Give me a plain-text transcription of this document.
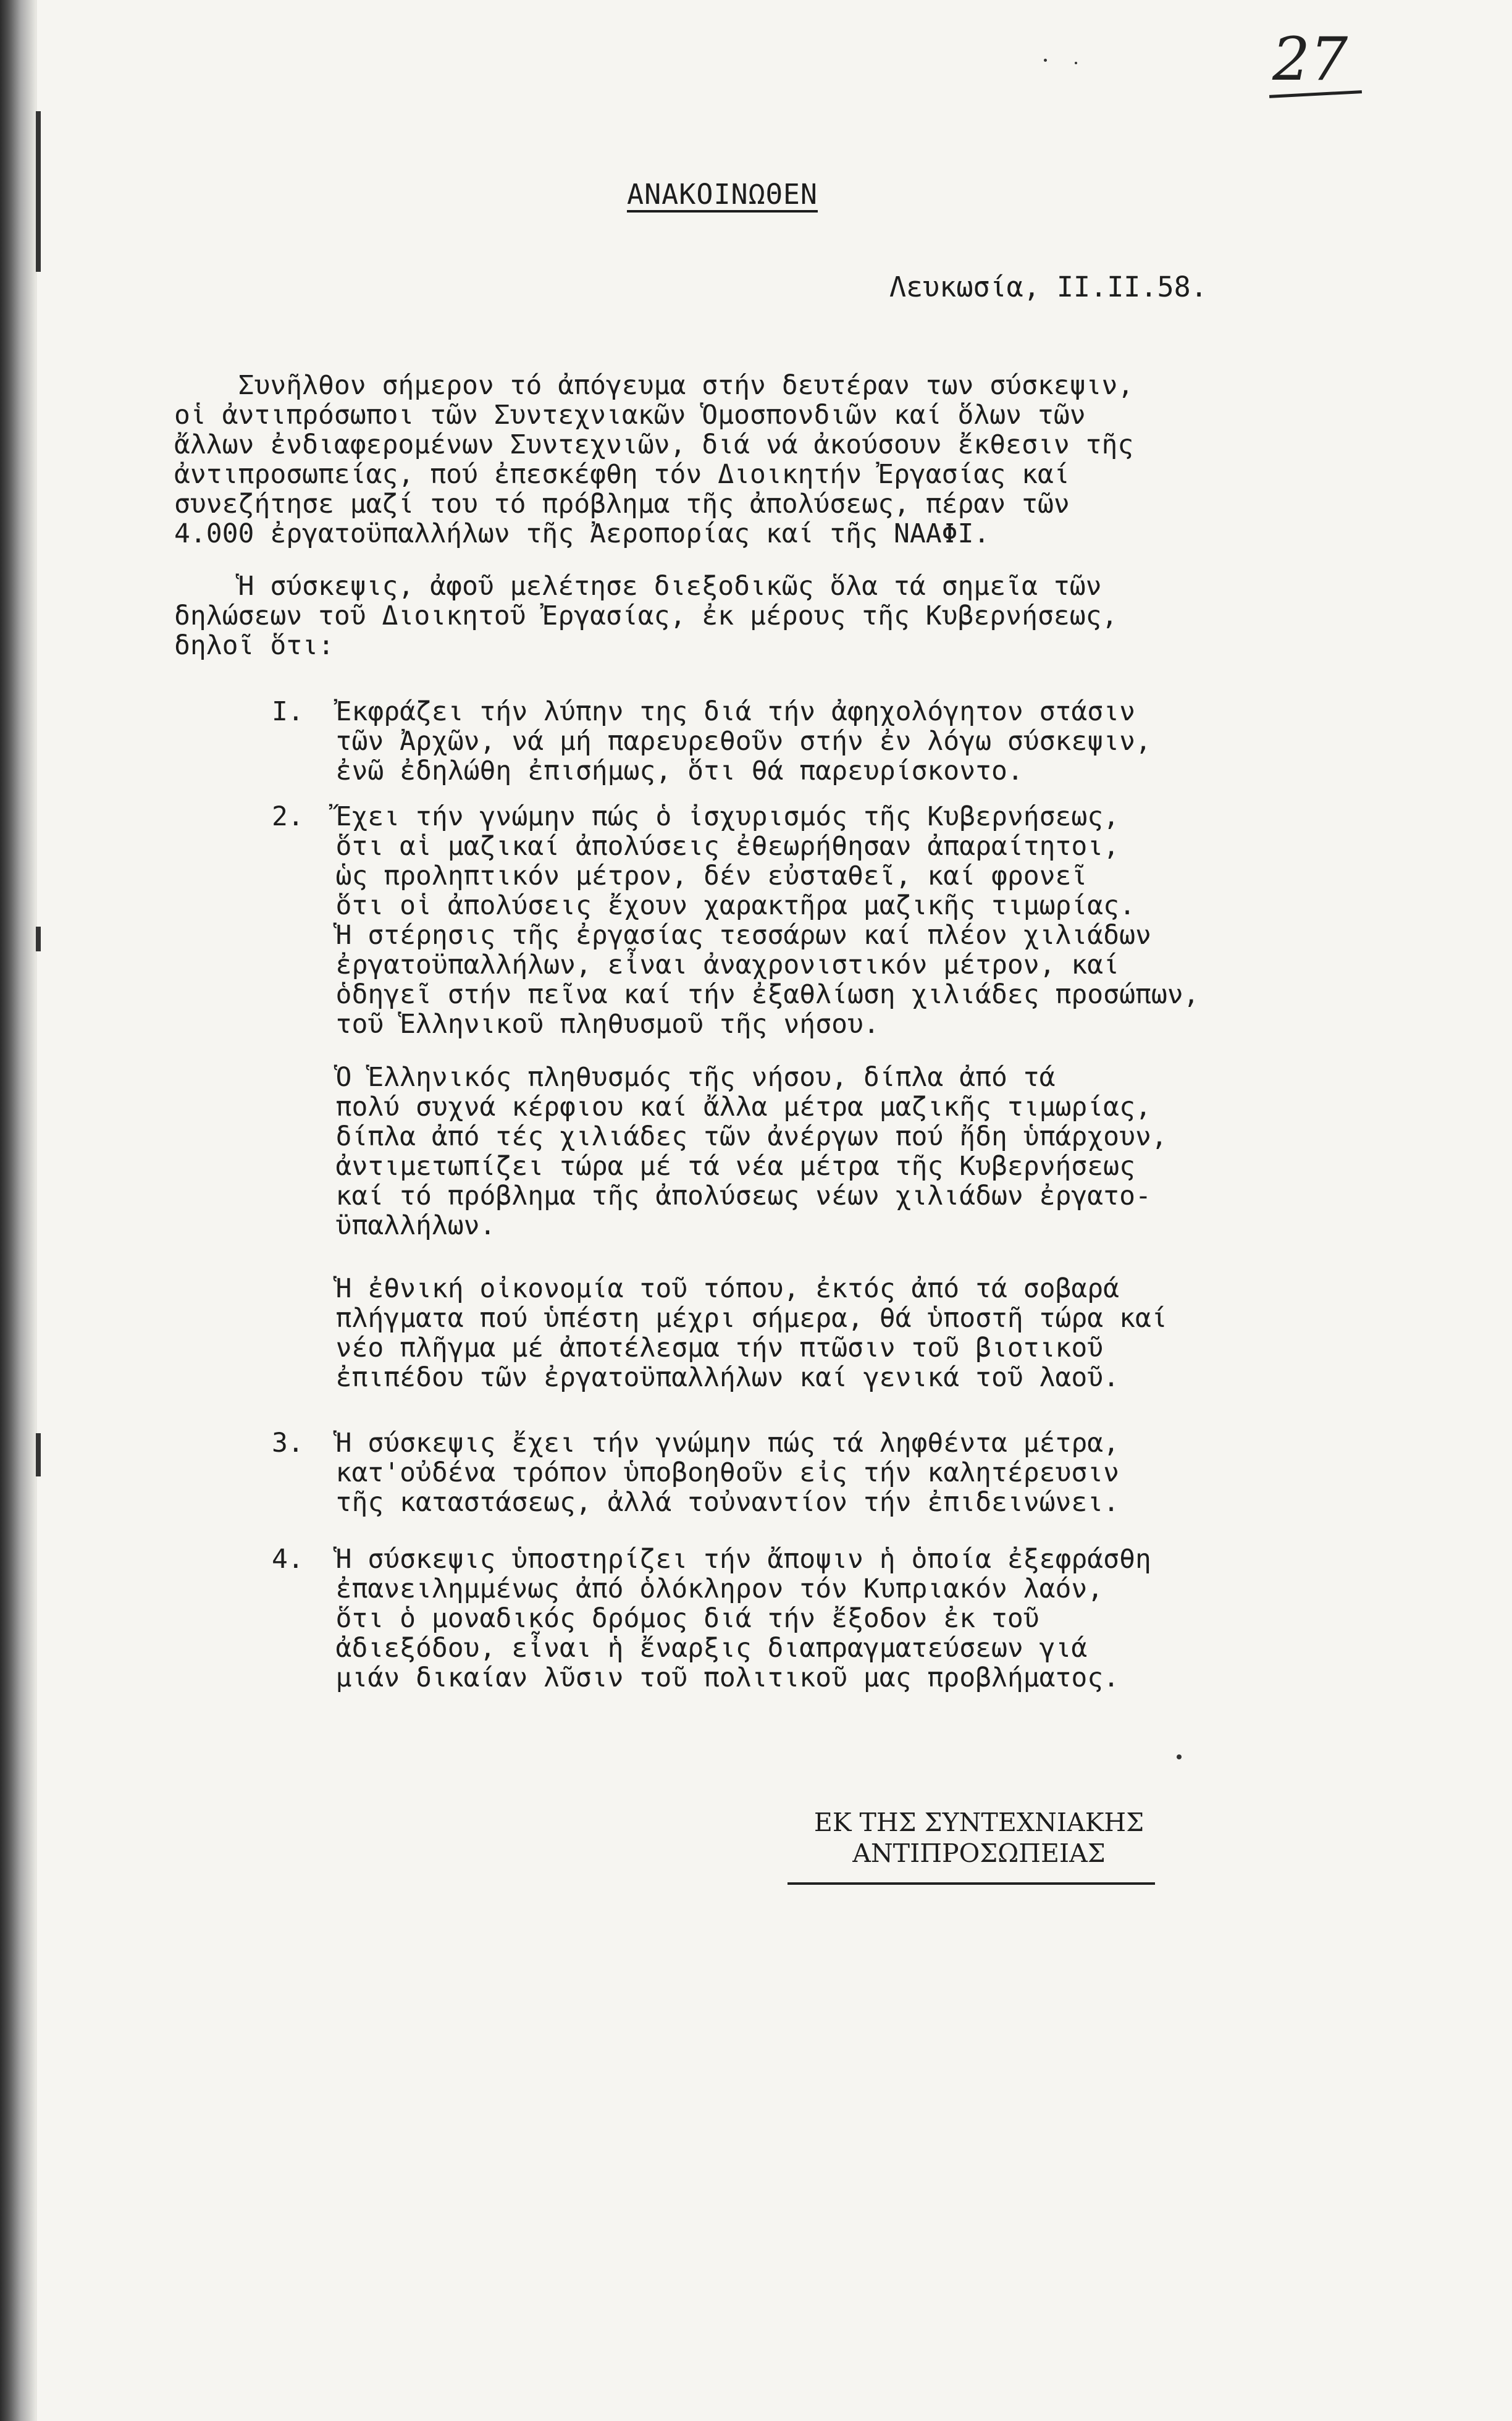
27
ΑΝΑΚΟΙΝΩΘΕΝ
Λευκωσία, II.II.58.
Συνῆλθον σήμερον τό ἀπόγευμα στήν δευτέραν των σύσκεψιν,
οἱ ἀντιπρόσωποι τῶν Συντεχνιακῶν Ὁμοσπονδιῶν καί ὅλων τῶν
ἄλλων ἐνδιαφερομένων Συντεχνιῶν, διά νά ἀκούσουν ἔκθεσιν τῆς
ἀντιπροσωπείας, πού ἐπεσκέφθη τόν Διοικητήν Ἐργασίας καί
συνεζήτησε μαζί του τό πρόβλημα τῆς ἀπολύσεως, πέραν τῶν
4.000 ἐργατοϋπαλλήλων τῆς Ἀεροπορίας καί τῆς ΝΑΑΦΙ.
Ἡ σύσκεψις, ἀφοῦ μελέτησε διεξοδικῶς ὅλα τά σημεῖα τῶν
δηλώσεων τοῦ Διοικητοῦ Ἐργασίας, ἐκ μέρους τῆς Κυβερνήσεως,
δηλοῖ ὅτι:
I.  Ἐκφράζει τήν λύπην της διά τήν ἀφηχολόγητον στάσιν
τῶν Ἀρχῶν, νά μή παρευρεθοῦν στήν ἐν λόγω σύσκεψιν,
ἐνῶ ἐδηλώθη ἐπισήμως, ὅτι θά παρευρίσκοντο.
2.  Ἔχει τήν γνώμην πώς ὁ ἰσχυρισμός τῆς Κυβερνήσεως,
ὅτι αἱ μαζικαί ἀπολύσεις ἐθεωρήθησαν ἀπαραίτητοι,
ὡς προληπτικόν μέτρον, δέν εὐσταθεῖ, καί φρονεῖ
ὅτι οἱ ἀπολύσεις ἔχουν χαρακτῆρα μαζικῆς τιμωρίας.
Ἡ στέρησις τῆς ἐργασίας τεσσάρων καί πλέον χιλιάδων
ἐργατοϋπαλλήλων, εἶναι ἀναχρονιστικόν μέτρον, καί
ὁδηγεῖ στήν πεῖνα καί τήν ἐξαθλίωση χιλιάδες προσώπων,
τοῦ Ἑλληνικοῦ πληθυσμοῦ τῆς νήσου.
Ὁ Ἑλληνικός πληθυσμός τῆς νήσου, δίπλα ἀπό τά
πολύ συχνά κέρφιου καί ἄλλα μέτρα μαζικῆς τιμωρίας,
δίπλα ἀπό τές χιλιάδες τῶν ἀνέργων πού ἤδη ὑπάρχουν,
ἀντιμετωπίζει τώρα μέ τά νέα μέτρα τῆς Κυβερνήσεως
καί τό πρόβλημα τῆς ἀπολύσεως νέων χιλιάδων ἐργατο-
ϋπαλλήλων.
Ἡ ἐθνική οἰκονομία τοῦ τόπου, ἐκτός ἀπό τά σοβαρά
πλήγματα πού ὑπέστη μέχρι σήμερα, θά ὑποστῆ τώρα καί
νέο πλῆγμα μέ ἀποτέλεσμα τήν πτῶσιν τοῦ βιοτικοῦ
ἐπιπέδου τῶν ἐργατοϋπαλλήλων καί γενικά τοῦ λαοῦ.
3.  Ἡ σύσκεψις ἔχει τήν γνώμην πώς τά ληφθέντα μέτρα,
κατ'οὐδένα τρόπον ὑποβοηθοῦν εἰς τήν καλητέρευσιν
τῆς καταστάσεως, ἀλλά τοὐναντίον τήν ἐπιδεινώνει.
4.  Ἡ σύσκεψις ὑποστηρίζει τήν ἄποψιν ἡ ὁποία ἐξεφράσθη
ἐπανειλημμένως ἀπό ὁλόκληρον τόν Κυπριακόν λαόν,
ὅτι ὁ μοναδικός δρόμος διά τήν ἔξοδον ἐκ τοῦ
ἀδιεξόδου, εἶναι ἡ ἔναρξις διαπραγματεύσεων γιά
μιάν δικαίαν λῦσιν τοῦ πολιτικοῦ μας προβλήματος.
ΕΚ ΤΗΣ ΣΥΝΤΕΧΝΙΑΚΗΣ
ΑΝΤΙΠΡΟΣΩΠΕΙΑΣ
